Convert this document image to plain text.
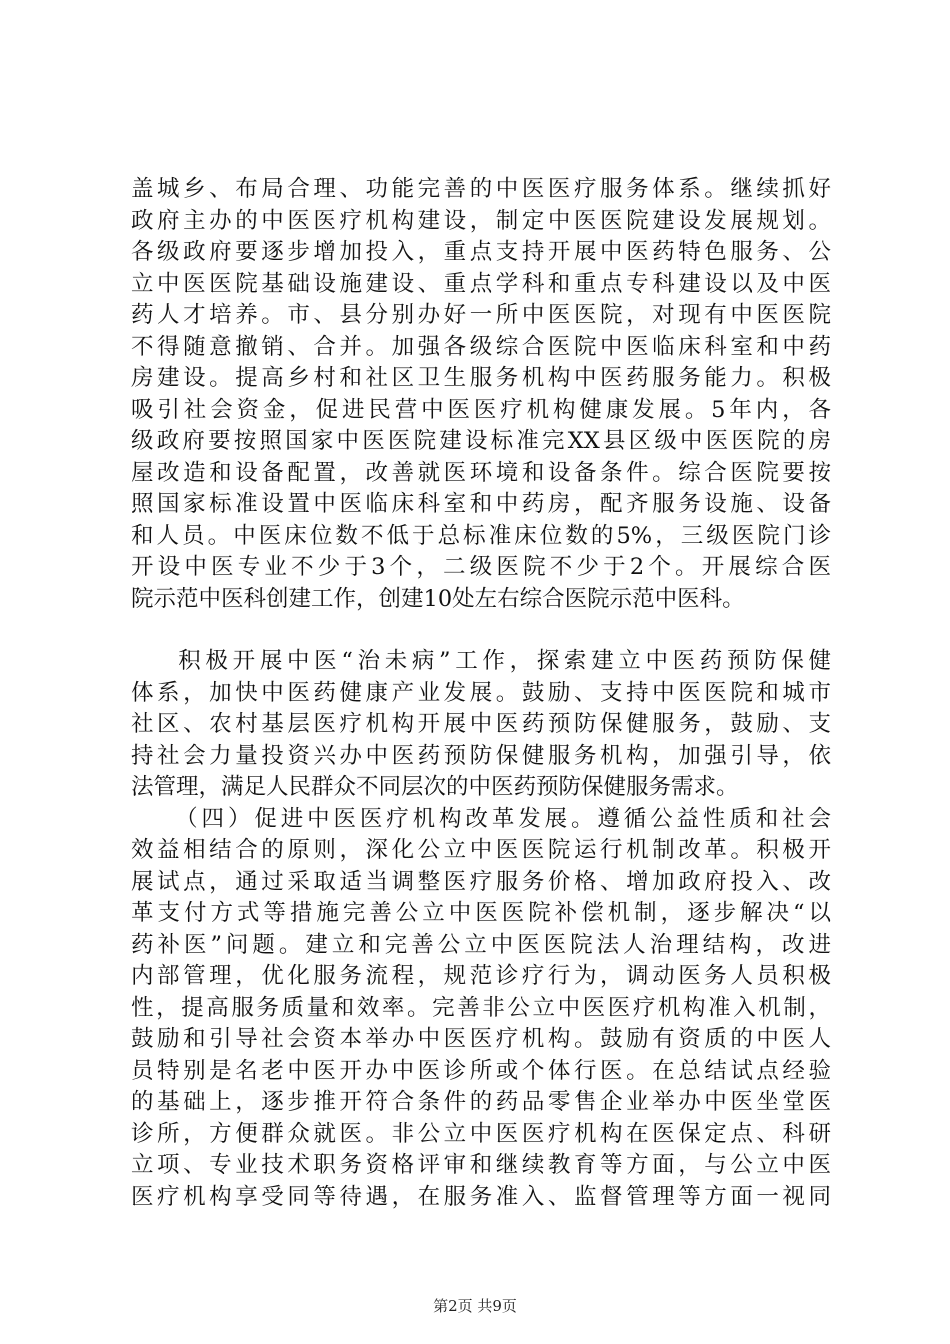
盖城乡、布局合理、功能完善的中医医疗服务体系。继续抓好
政府主办的中医医疗机构建设，制定中医医院建设发展规划。
各级政府要逐步增加投入，重点支持开展中医药特色服务、公
立中医医院基础设施建设、重点学科和重点专科建设以及中医
药人才培养。市、县分别办好一所中医医院，对现有中医医院
不得随意撤销、合并。加强各级综合医院中医临床科室和中药
房建设。提高乡村和社区卫生服务机构中医药服务能力。积极
吸引社会资金，促进民营中医医疗机构健康发展。5年内，各
级政府要按照国家中医医院建设标准完XX县区级中医医院的房
屋改造和设备配置，改善就医环境和设备条件。综合医院要按
照国家标准设置中医临床科室和中药房，配齐服务设施、设备
和人员。中医床位数不低于总标准床位数的5%，三级医院门诊
开设中医专业不少于3个，二级医院不少于2个。开展综合医
院示范中医科创建工作，创建10处左右综合医院示范中医科。
积极开展中医“治未病”工作，探索建立中医药预防保健
体系，加快中医药健康产业发展。鼓励、支持中医医院和城市
社区、农村基层医疗机构开展中医药预防保健服务，鼓励、支
持社会力量投资兴办中医药预防保健服务机构，加强引导，依
法管理，满足人民群众不同层次的中医药预防保健服务需求。
（四）促进中医医疗机构改革发展。遵循公益性质和社会
效益相结合的原则，深化公立中医医院运行机制改革。积极开
展试点，通过采取适当调整医疗服务价格、增加政府投入、改
革支付方式等措施完善公立中医医院补偿机制，逐步解决“以
药补医”问题。建立和完善公立中医医院法人治理结构，改进
内部管理，优化服务流程，规范诊疗行为，调动医务人员积极
性，提高服务质量和效率。完善非公立中医医疗机构准入机制，
鼓励和引导社会资本举办中医医疗机构。鼓励有资质的中医人
员特别是名老中医开办中医诊所或个体行医。在总结试点经验
的基础上，逐步推开符合条件的药品零售企业举办中医坐堂医
诊所，方便群众就医。非公立中医医疗机构在医保定点、科研
立项、专业技术职务资格评审和继续教育等方面，与公立中医
医疗机构享受同等待遇，在服务准入、监督管理等方面一视同
第2页 共9页
